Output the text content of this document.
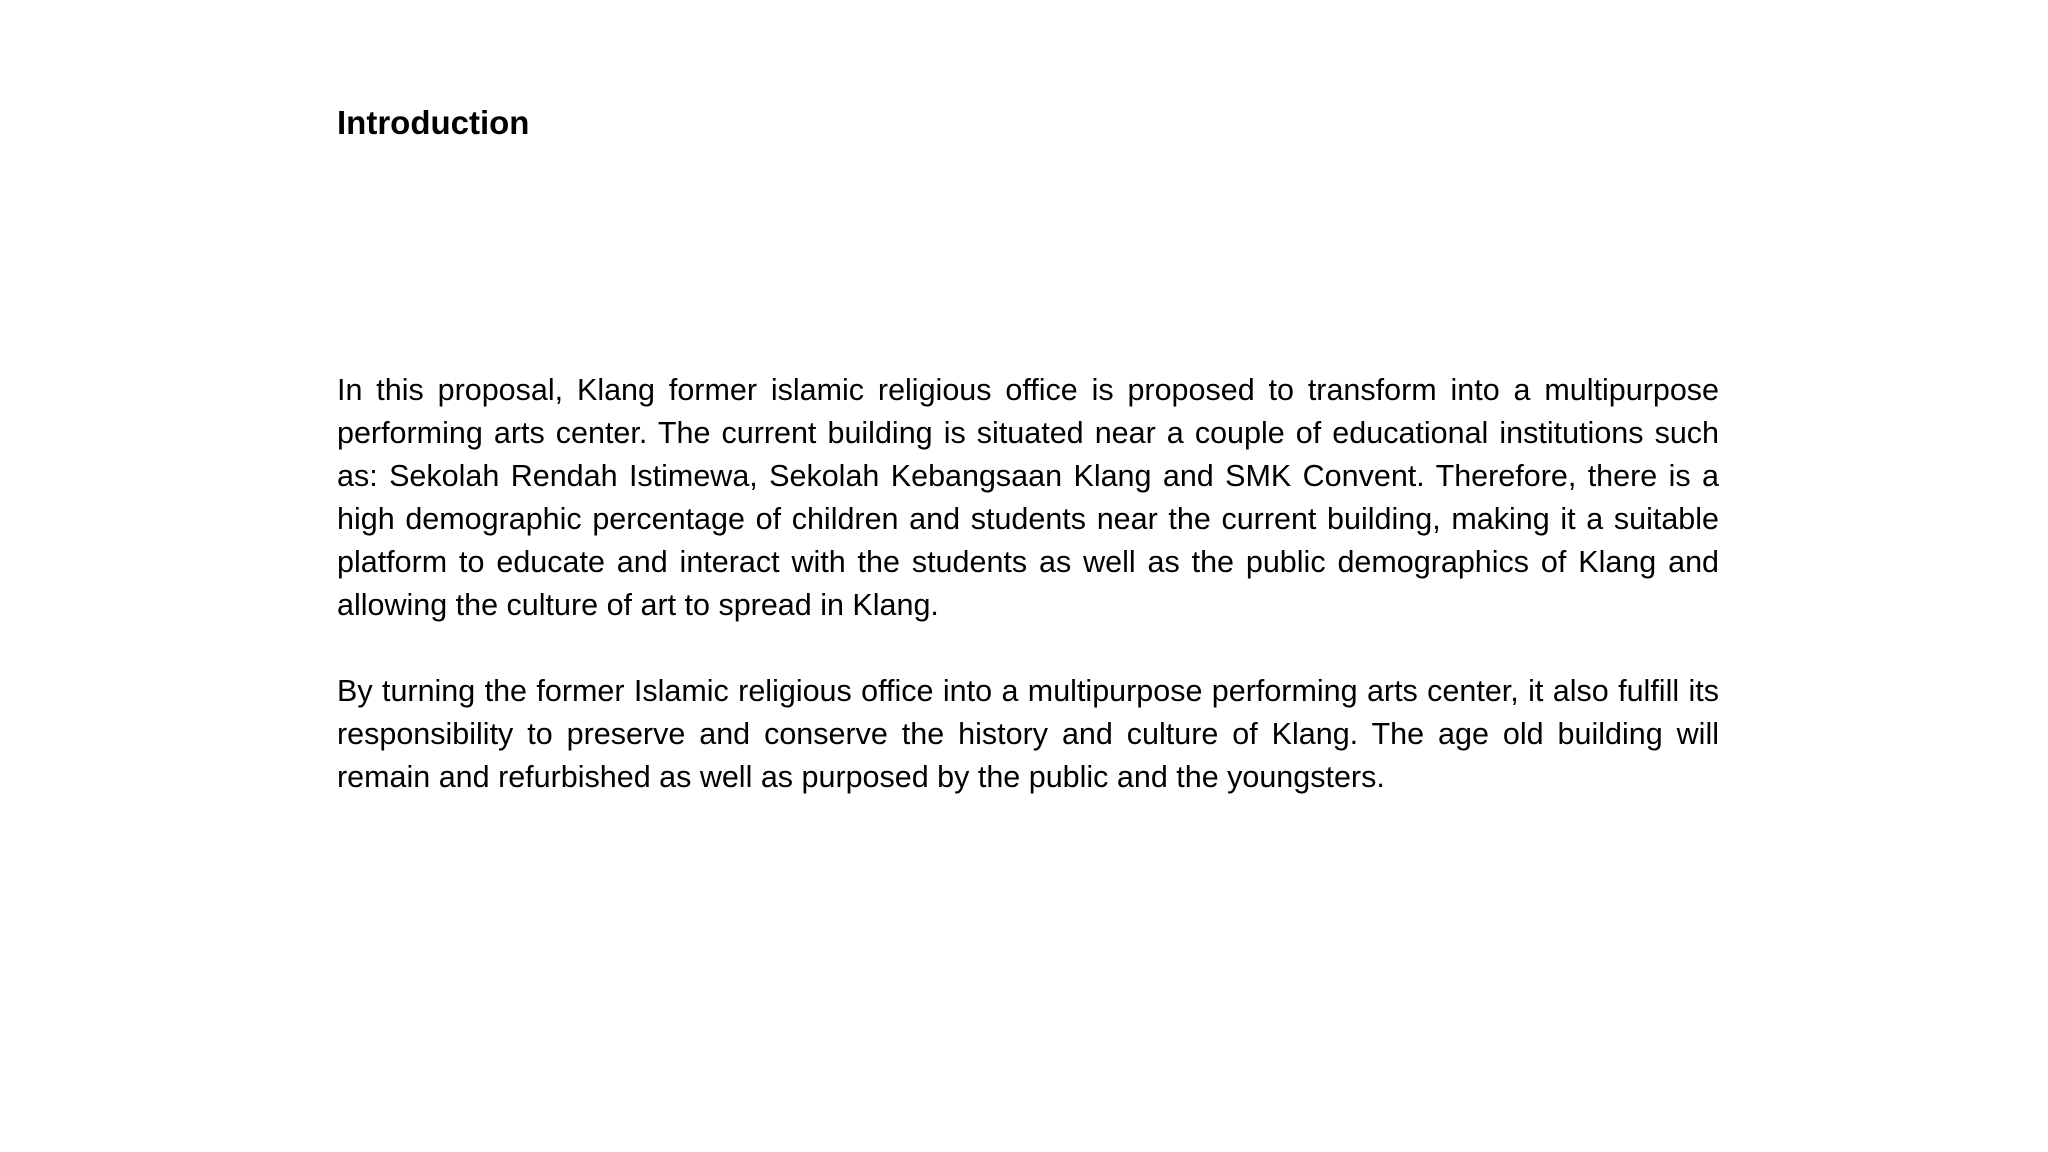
Introduction

In this proposal, Klang former islamic religious office is proposed to transform into a multipurpose performing arts center. The current building is situated near a couple of educational institutions such as: Sekolah Rendah Istimewa, Sekolah Kebangsaan Klang and SMK Convent. Therefore, there is a high demographic percentage of children and students near the current building, making it a suitable platform to educate and interact with the students as well as the public demographics of Klang and allowing the culture of art to spread in Klang.

By turning the former Islamic religious office into a multipurpose performing arts center, it also fulfill its responsibility to preserve and conserve the history and culture of Klang. The age old building will remain and refurbished as well as purposed by the public and the youngsters.
